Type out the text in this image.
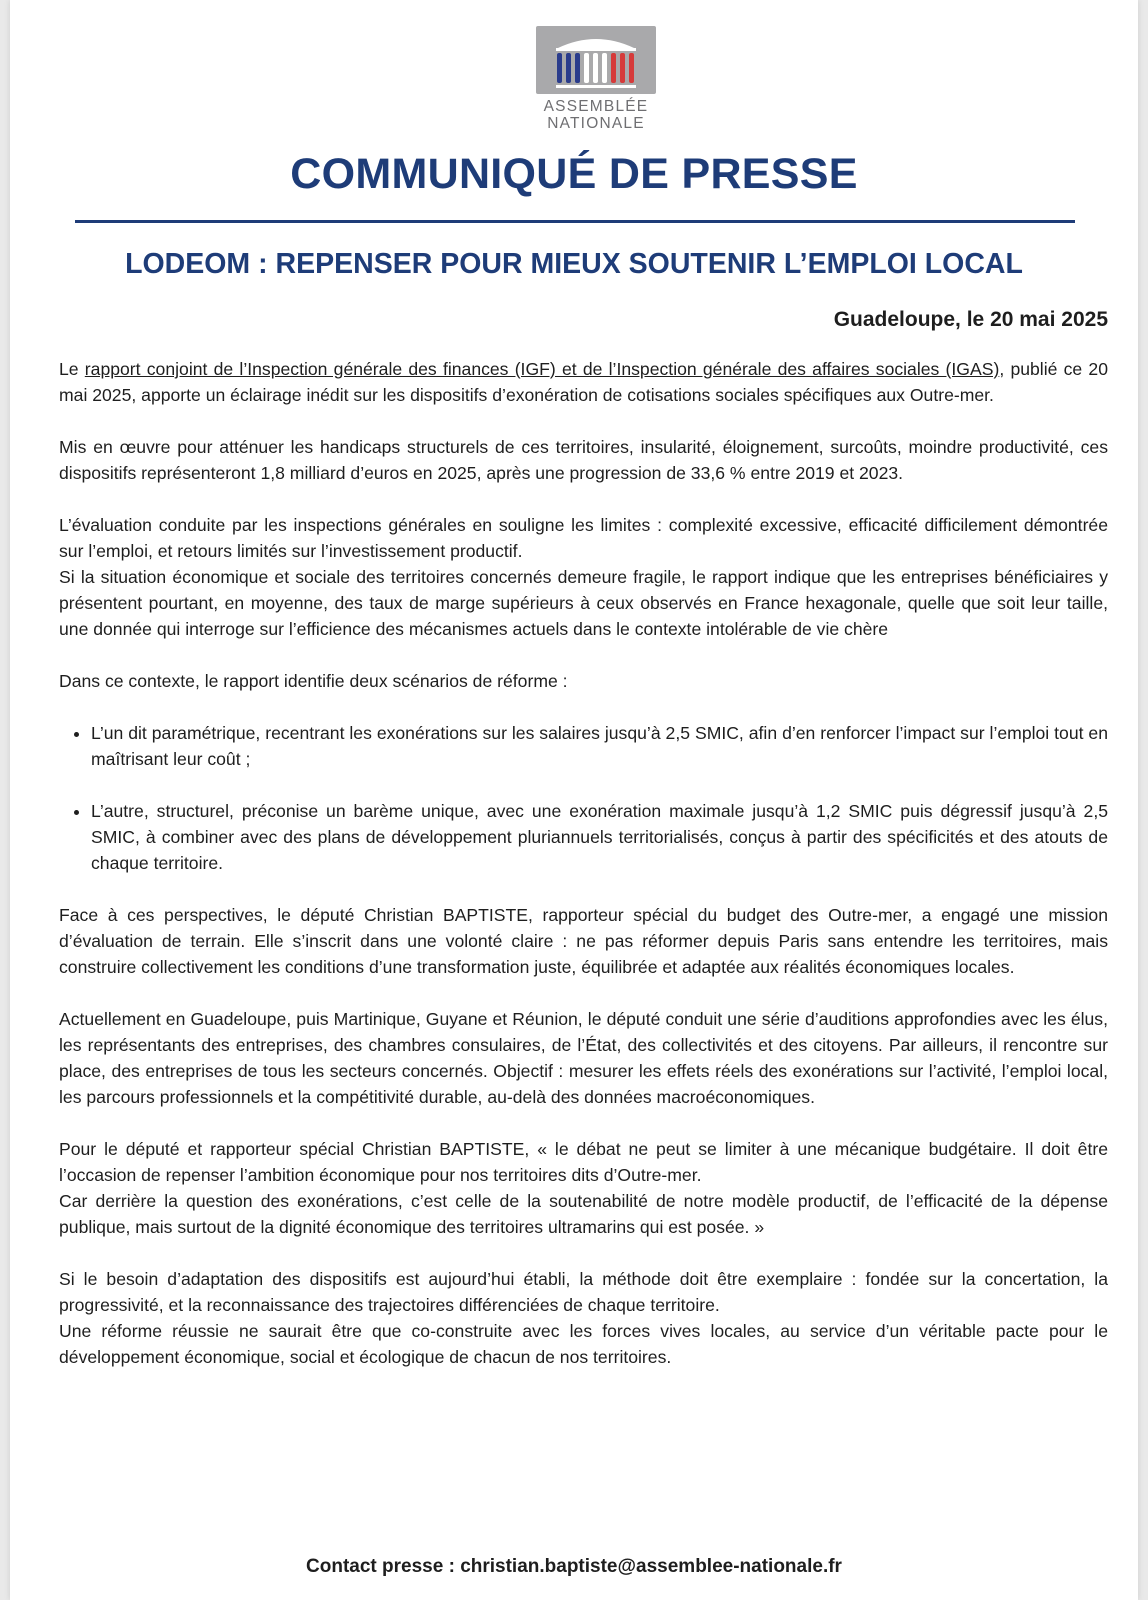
ASSEMBLÉE
NATIONALE
COMMUNIQUÉ DE PRESSE
LODEOM : REPENSER POUR MIEUX SOUTENIR L’EMPLOI LOCAL
Guadeloupe, le 20 mai 2025

Le rapport conjoint de l’Inspection générale des finances (IGF) et de l’Inspection générale des affaires sociales (IGAS), publié ce 20 mai 2025, apporte un éclairage inédit sur les dispositifs d’exonération de cotisations sociales spécifiques aux Outre-mer.

Mis en œuvre pour atténuer les handicaps structurels de ces territoires, insularité, éloignement, surcoûts, moindre productivité, ces dispositifs représenteront 1,8 milliard d’euros en 2025, après une progression de 33,6 % entre 2019 et 2023.

L’évaluation conduite par les inspections générales en souligne les limites : complexité excessive, efficacité difficilement démontrée sur l’emploi, et retours limités sur l’investissement productif.

Si la situation économique et sociale des territoires concernés demeure fragile, le rapport indique que les entreprises bénéficiaires y présentent pourtant, en moyenne, des taux de marge supérieurs à ceux observés en France hexagonale, quelle que soit leur taille, une donnée qui interroge sur l’efficience des mécanismes actuels dans le contexte intolérable de vie chère

Dans ce contexte, le rapport identifie deux scénarios de réforme :

• L’un dit paramétrique, recentrant les exonérations sur les salaires jusqu’à 2,5 SMIC, afin d’en renforcer l’impact sur l’emploi tout en maîtrisant leur coût ;
• L’autre, structurel, préconise un barème unique, avec une exonération maximale jusqu’à 1,2 SMIC puis dégressif jusqu’à 2,5 SMIC, à combiner avec des plans de développement pluriannuels territorialisés, conçus à partir des spécificités et des atouts de chaque territoire.

Face à ces perspectives, le député Christian BAPTISTE, rapporteur spécial du budget des Outre-mer, a engagé une mission d’évaluation de terrain. Elle s’inscrit dans une volonté claire : ne pas réformer depuis Paris sans entendre les territoires, mais construire collectivement les conditions d’une transformation juste, équilibrée et adaptée aux réalités économiques locales.

Actuellement en Guadeloupe, puis Martinique, Guyane et Réunion, le député conduit une série d’auditions approfondies avec les élus, les représentants des entreprises, des chambres consulaires, de l’État, des collectivités et des citoyens. Par ailleurs, il rencontre sur place, des entreprises de tous les secteurs concernés. Objectif : mesurer les effets réels des exonérations sur l’activité, l’emploi local, les parcours professionnels et la compétitivité durable, au-delà des données macroéconomiques.

Pour le député et rapporteur spécial Christian BAPTISTE, « le débat ne peut se limiter à une mécanique budgétaire. Il doit être l’occasion de repenser l’ambition économique pour nos territoires dits d’Outre-mer.

Car derrière la question des exonérations, c’est celle de la soutenabilité de notre modèle productif, de l’efficacité de la dépense publique, mais surtout de la dignité économique des territoires ultramarins qui est posée. »

Si le besoin d’adaptation des dispositifs est aujourd’hui établi, la méthode doit être exemplaire : fondée sur la concertation, la progressivité, et la reconnaissance des trajectoires différenciées de chaque territoire.

Une réforme réussie ne saurait être que co-construite avec les forces vives locales, au service d’un véritable pacte pour le développement économique, social et écologique de chacun de nos territoires.

Contact presse : christian.baptiste@assemblee-nationale.fr
